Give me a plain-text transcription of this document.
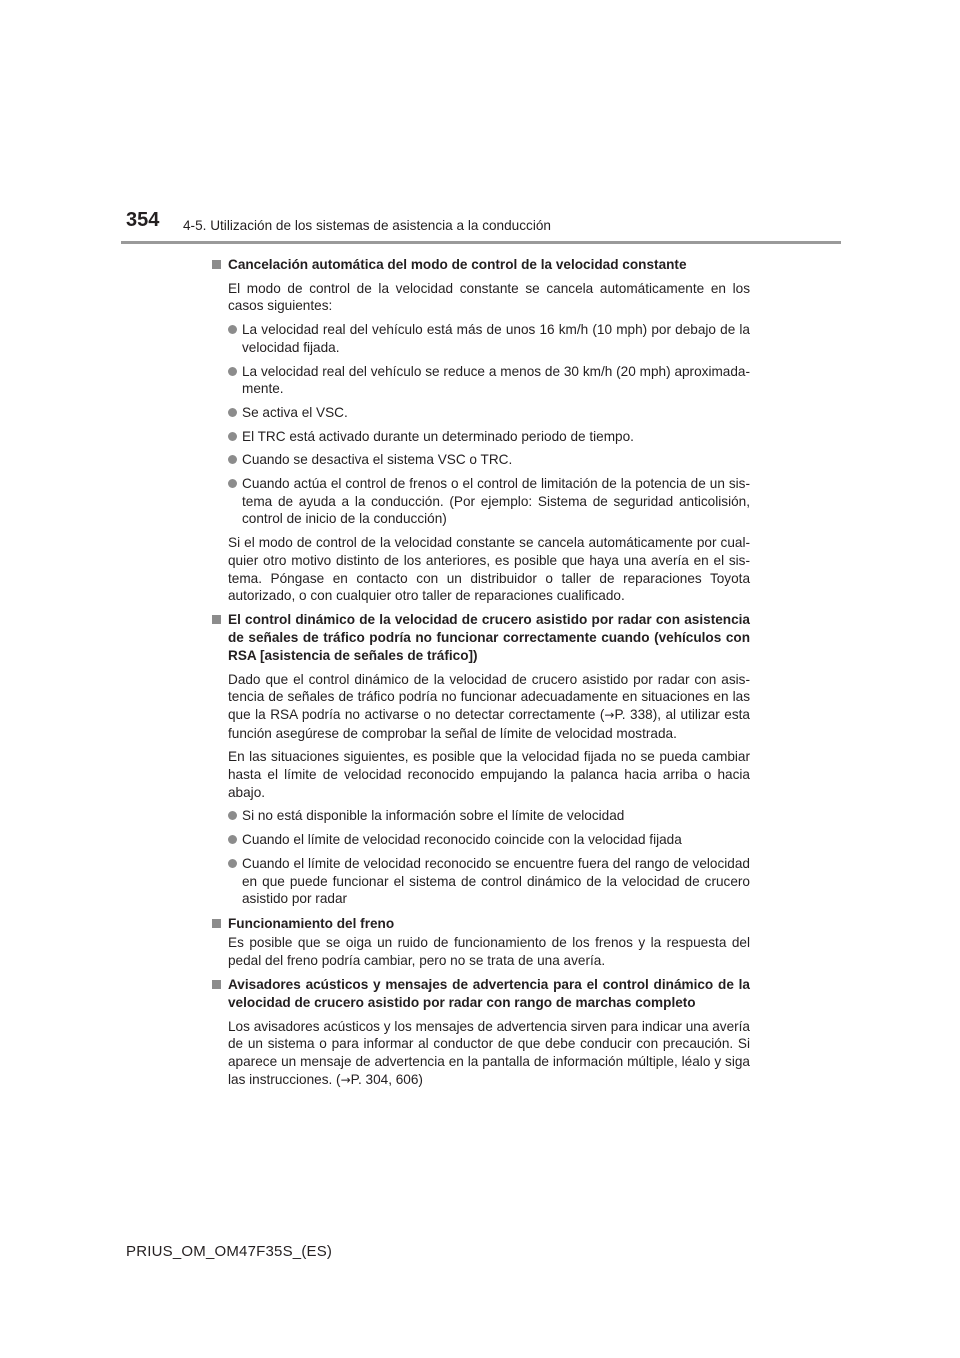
354 4-5. Utilización de los sistemas de asistencia a la conducción
Cancelación automática del modo de control de la velocidad constante
El modo de control de la velocidad constante se cancela automáticamente en los casos siguientes:
La velocidad real del vehículo está más de unos 16 km/h (10 mph) por debajo de la velocidad fijada.
La velocidad real del vehículo se reduce a menos de 30 km/h (20 mph) aproximada-mente.
Se activa el VSC.
El TRC está activado durante un determinado periodo de tiempo.
Cuando se desactiva el sistema VSC o TRC.
Cuando actúa el control de frenos o el control de limitación de la potencia de un sis-tema de ayuda a la conducción. (Por ejemplo: Sistema de seguridad anticolisión, control de inicio de la conducción)
Si el modo de control de la velocidad constante se cancela automáticamente por cual-quier otro motivo distinto de los anteriores, es posible que haya una avería en el sis-tema. Póngase en contacto con un distribuidor o taller de reparaciones Toyota autorizado, o con cualquier otro taller de reparaciones cualificado.
El control dinámico de la velocidad de crucero asistido por radar con asistencia de señales de tráfico podría no funcionar correctamente cuando (vehículos con RSA [asistencia de señales de tráfico])
Dado que el control dinámico de la velocidad de crucero asistido por radar con asis-tencia de señales de tráfico podría no funcionar adecuadamente en situaciones en las que la RSA podría no activarse o no detectar correctamente (→P. 338), al utilizar esta función asegúrese de comprobar la señal de límite de velocidad mostrada.
En las situaciones siguientes, es posible que la velocidad fijada no se pueda cambiar hasta el límite de velocidad reconocido empujando la palanca hacia arriba o hacia abajo.
Si no está disponible la información sobre el límite de velocidad
Cuando el límite de velocidad reconocido coincide con la velocidad fijada
Cuando el límite de velocidad reconocido se encuentre fuera del rango de velocidad en que puede funcionar el sistema de control dinámico de la velocidad de crucero asistido por radar
Funcionamiento del freno
Es posible que se oiga un ruido de funcionamiento de los frenos y la respuesta del pedal del freno podría cambiar, pero no se trata de una avería.
Avisadores acústicos y mensajes de advertencia para el control dinámico de la velocidad de crucero asistido por radar con rango de marchas completo
Los avisadores acústicos y los mensajes de advertencia sirven para indicar una avería de un sistema o para informar al conductor de que debe conducir con precaución. Si aparece un mensaje de advertencia en la pantalla de información múltiple, léalo y siga las instrucciones. (→P. 304, 606)
PRIUS_OM_OM47F35S_(ES)
